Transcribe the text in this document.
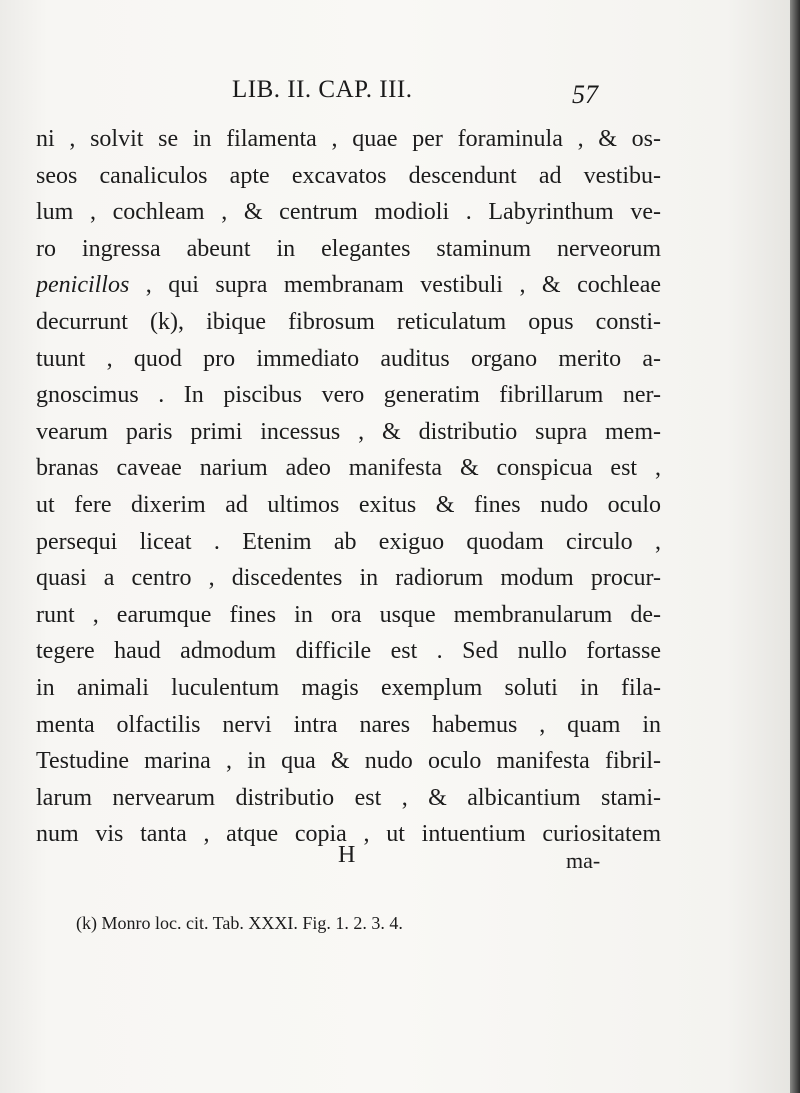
LIB. II. CAP. III.	57
ni , solvit se in filamenta , quae per foraminula , & os-
seos canaliculos apte excavatos descendunt ad vestibu-
lum , cochleam , & centrum modioli . Labyrinthum ve-
ro ingressa abeunt in elegantes staminum nerveorum
penicillos , qui supra membranam vestibuli , & cochleae
decurrunt (k), ibique fibrosum reticulatum opus consti-
tuunt , quod pro immediato auditus organo merito a-
gnoscimus . In piscibus vero generatim fibrillarum ner-
vearum paris primi incessus , & distributio supra mem-
branas caveae narium adeo manifesta & conspicua est ,
ut fere dixerim ad ultimos exitus & fines nudo oculo
persequi liceat . Etenim ab exiguo quodam circulo ,
quasi a centro , discedentes in radiorum modum procur-
runt , earumque fines in ora usque membranularum de-
tegere haud admodum difficile est . Sed nullo fortasse
in animali luculentum magis exemplum soluti in fila-
menta olfactilis nervi intra nares habemus , quam in
Testudine marina , in qua & nudo oculo manifesta fibril-
larum nervearum distributio est , & albicantium stami-
num vis tanta , atque copia , ut intuentium curiositatem
H	ma-
(k) Monro loc. cit. Tab. XXXI. Fig. 1. 2. 3. 4.
